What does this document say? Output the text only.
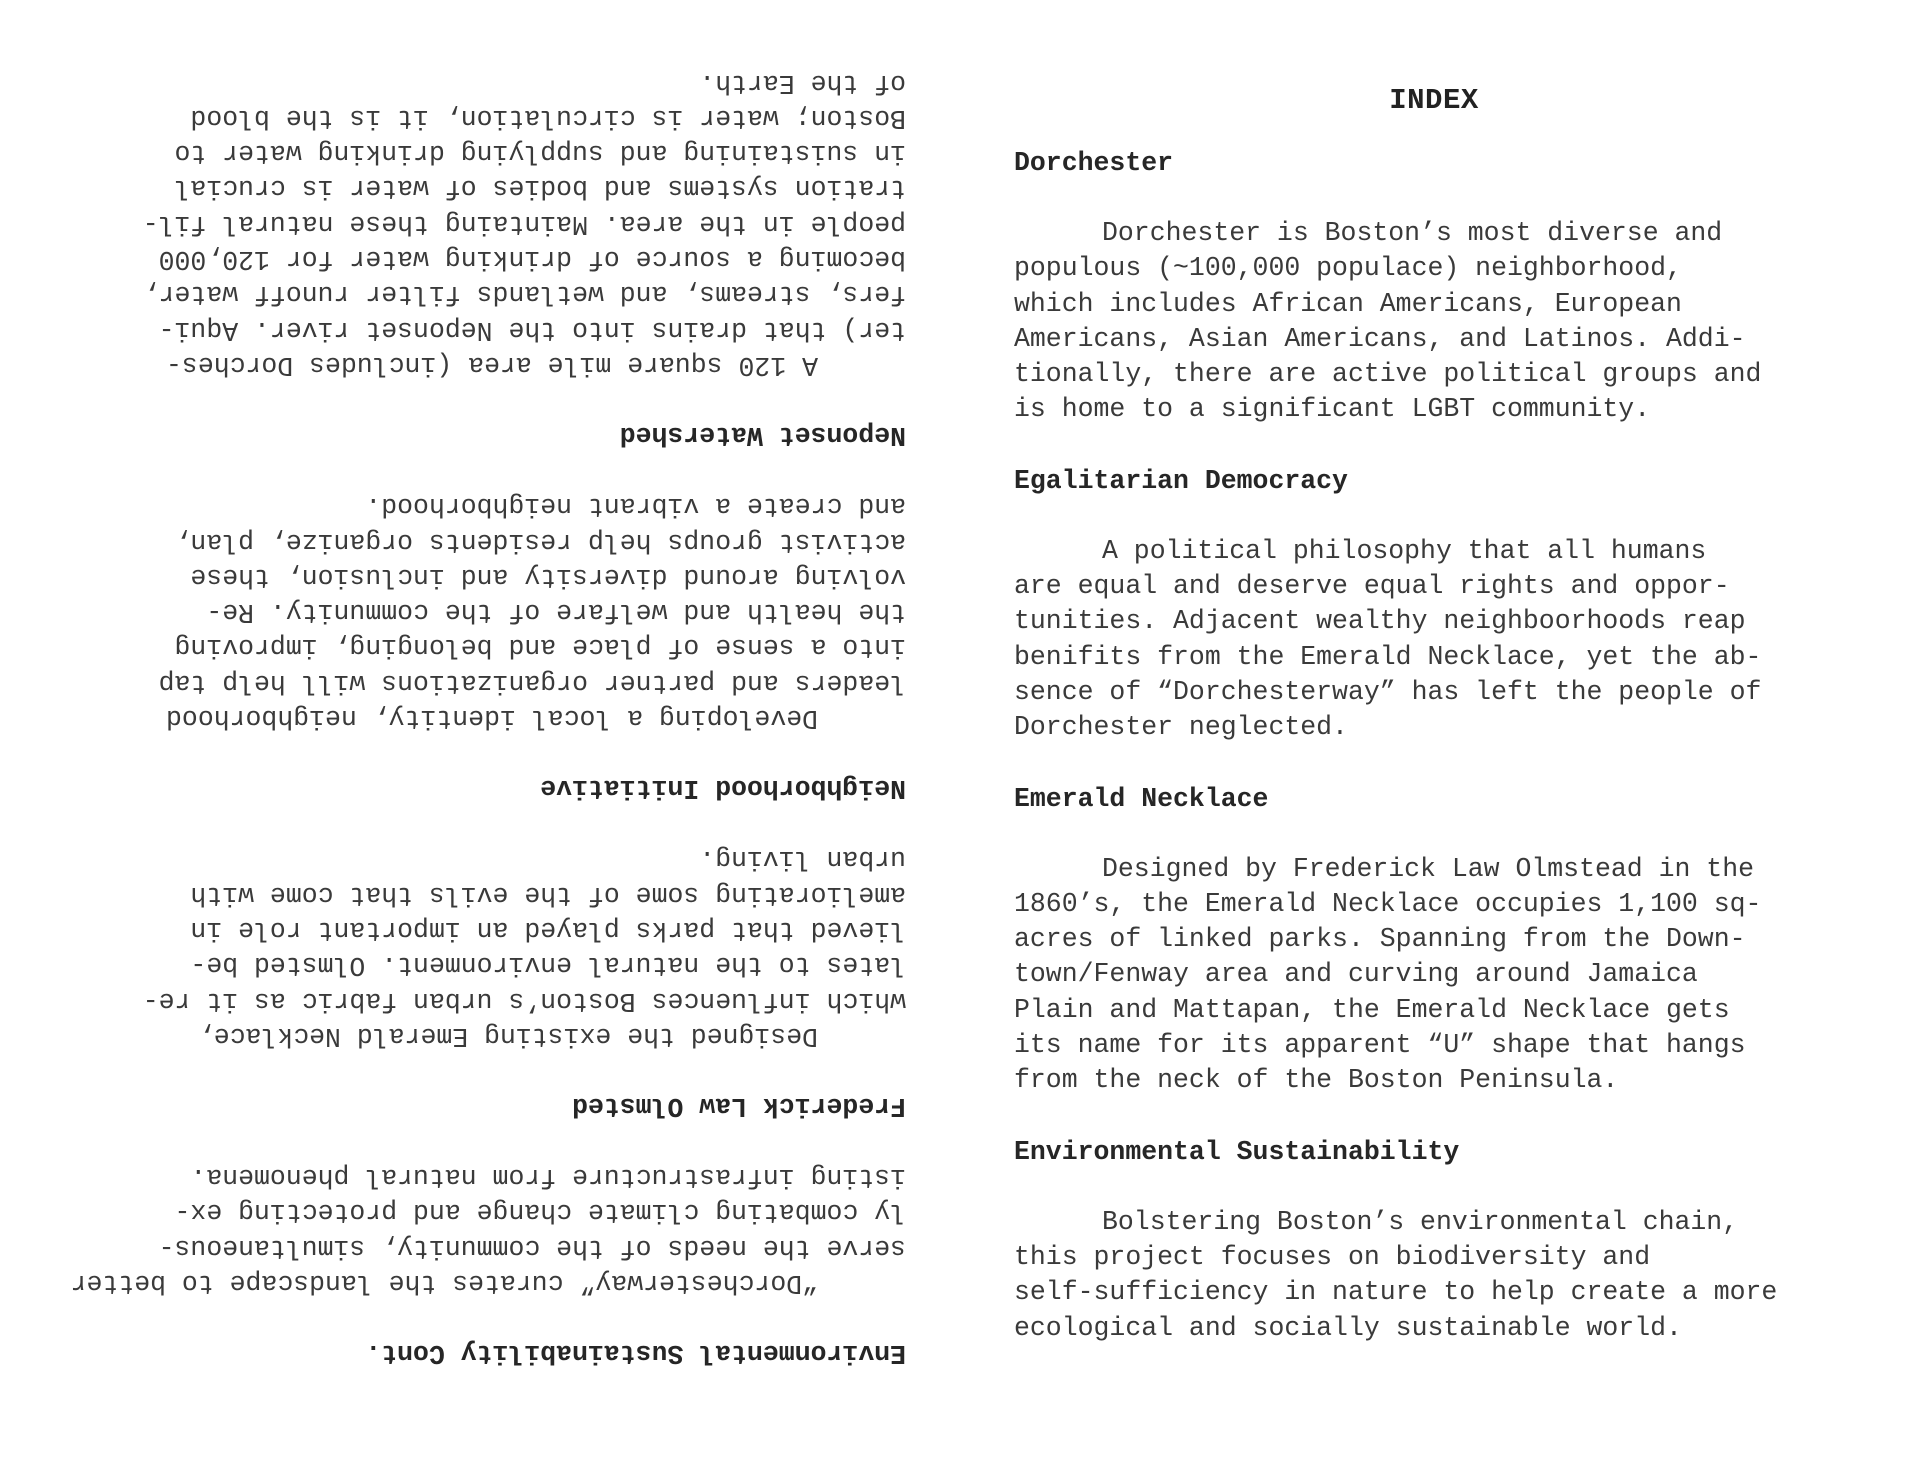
Environmental Sustainability Cont.
“Dorchesterway” curates the landscape to better
serve the needs of the community, simultaneous-
ly combating climate change and protecting ex-
isting infrastructure from natural phenomena.
Frederick Law Olmsted
Designed the existing Emerald Necklace,
which influences Boston’s urban fabric as it re-
lates to the natural environment. Olmsted be-
lieved that parks played an important role in
ameliorating some of the evils that come with
urban living.
Neighborhood Initiative
Developing a local identity, neighborhood
leaders and partner organizations will help tap
into a sense of place and belonging, improving
the health and welfare of the community. Re-
volving around diversity and inclusion, these
activist groups help residents organize, plan,
and create a vibrant neighborhood.
Neponset Watershed
A 120 square mile area (includes Dorches-
ter) that drains into the Neponset river. Aqui-
fers, streams, and wetlands filter runoff water,
becoming a source of drinking water for 120,000
people in the area. Maintaing these natural fil-
tration systems and bodies of water is crucial
in suistaining and supplying drinking water to
Boston; water is circulation, it is the blood
of the Earth.
INDEX
Dorchester
Dorchester is Boston’s most diverse and
populous (~100,000 populace) neighborhood,
which includes African Americans, European
Americans, Asian Americans, and Latinos. Addi-
tionally, there are active political groups and
is home to a significant LGBT community.
Egalitarian Democracy
A political philosophy that all humans
are equal and deserve equal rights and oppor-
tunities. Adjacent wealthy neighboorhoods reap
benifits from the Emerald Necklace, yet the ab-
sence of “Dorchesterway” has left the people of
Dorchester neglected.
Emerald Necklace
Designed by Frederick Law Olmstead in the
1860’s, the Emerald Necklace occupies 1,100 sq-
acres of linked parks. Spanning from the Down-
town/Fenway area and curving around Jamaica
Plain and Mattapan, the Emerald Necklace gets
its name for its apparent “U” shape that hangs
from the neck of the Boston Peninsula.
Environmental Sustainability
Bolstering Boston’s environmental chain,
this project focuses on biodiversity and
self-sufficiency in nature to help create a more
ecological and socially sustainable world.
